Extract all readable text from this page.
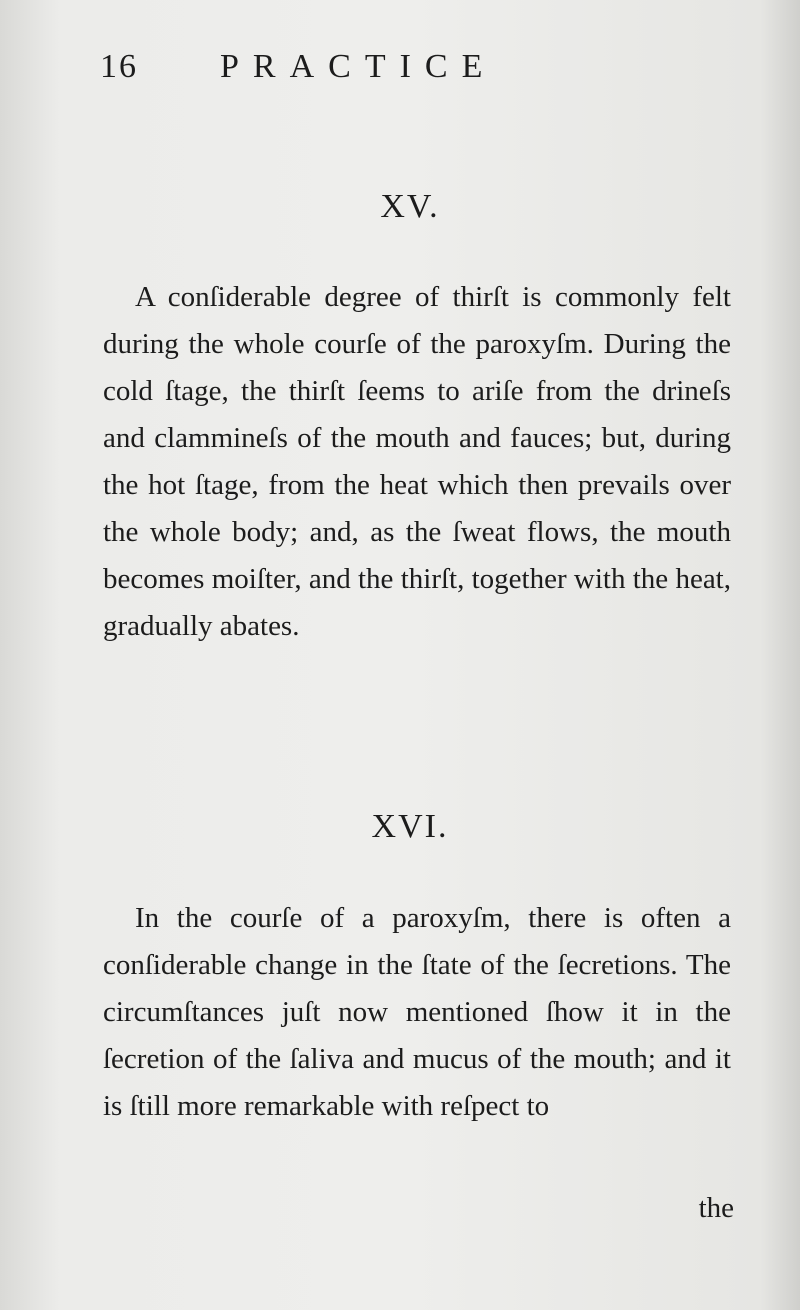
16 PRACTICE
XV.
A conſiderable degree of thirſt is commonly felt during the whole courſe of the paroxyſm. During the cold ſtage, the thirſt ſeems to ariſe from the drineſs and clammineſs of the mouth and fauces; but, during the hot ſtage, from the heat which then prevails over the whole body; and, as the ſweat flows, the mouth becomes moiſter, and the thirſt, together with the heat, gradually abates.
XVI.
In the courſe of a paroxyſm, there is often a conſiderable change in the ſtate of the ſecretions. The circumſtances juſt now mentioned ſhow it in the ſecretion of the ſaliva and mucus of the mouth; and it is ſtill more remarkable with reſpect to
the
